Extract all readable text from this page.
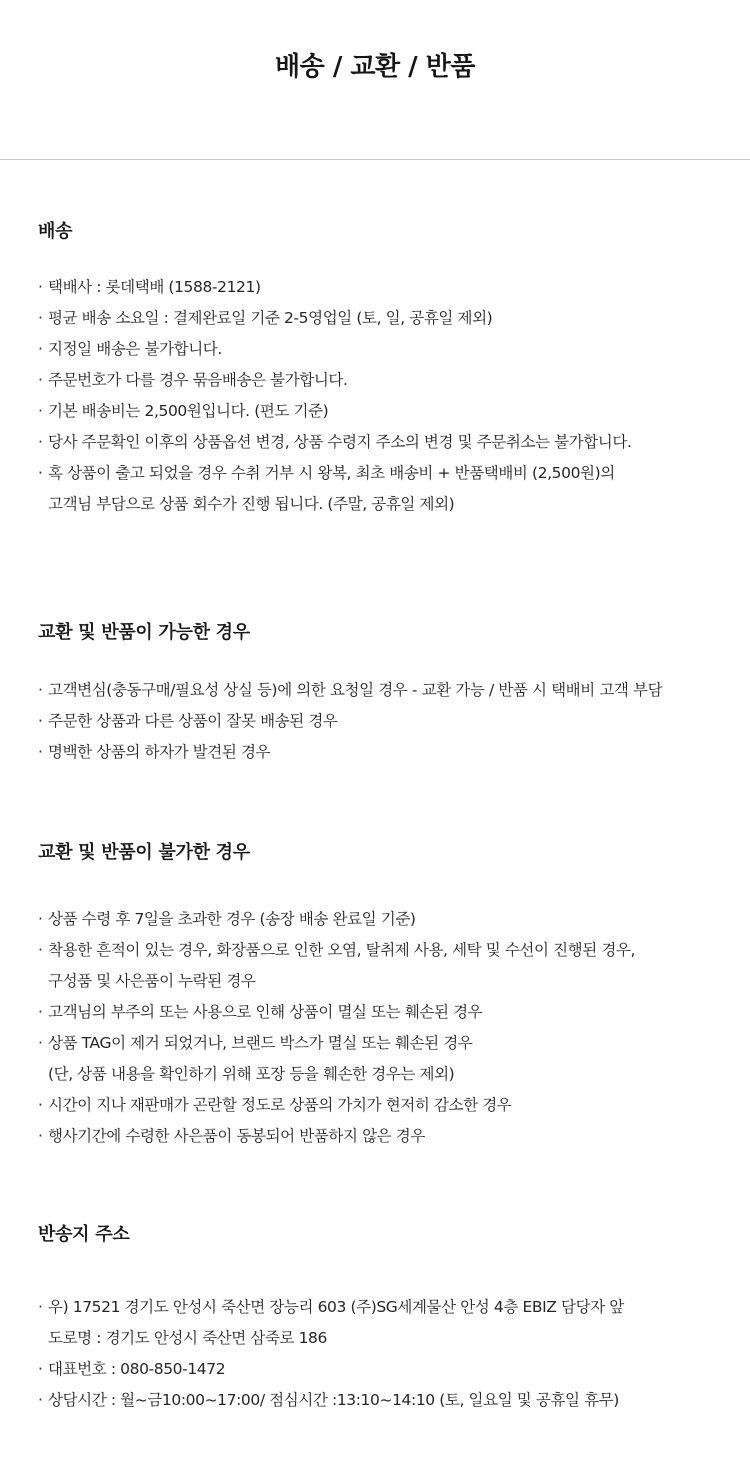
배송 / 교환 / 반품
배송
· 택배사 : 롯데택배 (1588-2121)
· 평균 배송 소요일 : 결제완료일 기준 2-5영업일 (토, 일, 공휴일 제외)
· 지정일 배송은 불가합니다.
· 주문번호가 다를 경우 묶음배송은 불가합니다.
· 기본 배송비는 2,500원입니다. (편도 기준)
· 당사 주문확인 이후의 상품옵션 변경, 상품 수령지 주소의 변경 및 주문취소는 불가합니다.
· 혹 상품이 출고 되었을 경우 수취 거부 시 왕복, 최초 배송비 + 반품택배비 (2,500원)의
고객님 부담으로 상품 회수가 진행 됩니다. (주말, 공휴일 제외)
교환 및 반품이 가능한 경우
· 고객변심(충동구매/필요성 상실 등)에 의한 요청일 경우 - 교환 가능 / 반품 시 택배비 고객 부담
· 주문한 상품과 다른 상품이 잘못 배송된 경우
· 명백한 상품의 하자가 발견된 경우
교환 및 반품이 불가한 경우
· 상품 수령 후 7일을 초과한 경우 (송장 배송 완료일 기준)
· 착용한 흔적이 있는 경우, 화장품으로 인한 오염, 탈취제 사용, 세탁 및 수선이 진행된 경우,
구성품 및 사은품이 누락된 경우
· 고객님의 부주의 또는 사용으로 인해 상품이 멸실 또는 훼손된 경우
· 상품 TAG이 제거 되었거나, 브랜드 박스가 멸실 또는 훼손된 경우
(단, 상품 내용을 확인하기 위해 포장 등을 훼손한 경우는 제외)
· 시간이 지나 재판매가 곤란할 정도로 상품의 가치가 현저히 감소한 경우
· 행사기간에 수령한 사은품이 동봉되어 반품하지 않은 경우
반송지 주소
· 우) 17521 경기도 안성시 죽산면 장능리 603 (주)SG세계물산 안성 4층 EBIZ 담당자 앞
도로명 : 경기도 안성시 죽산면 삼죽로 186
· 대표번호 : 080-850-1472
· 상담시간 : 월~금10:00~17:00/ 점심시간 :13:10~14:10 (토, 일요일 및 공휴일 휴무)
